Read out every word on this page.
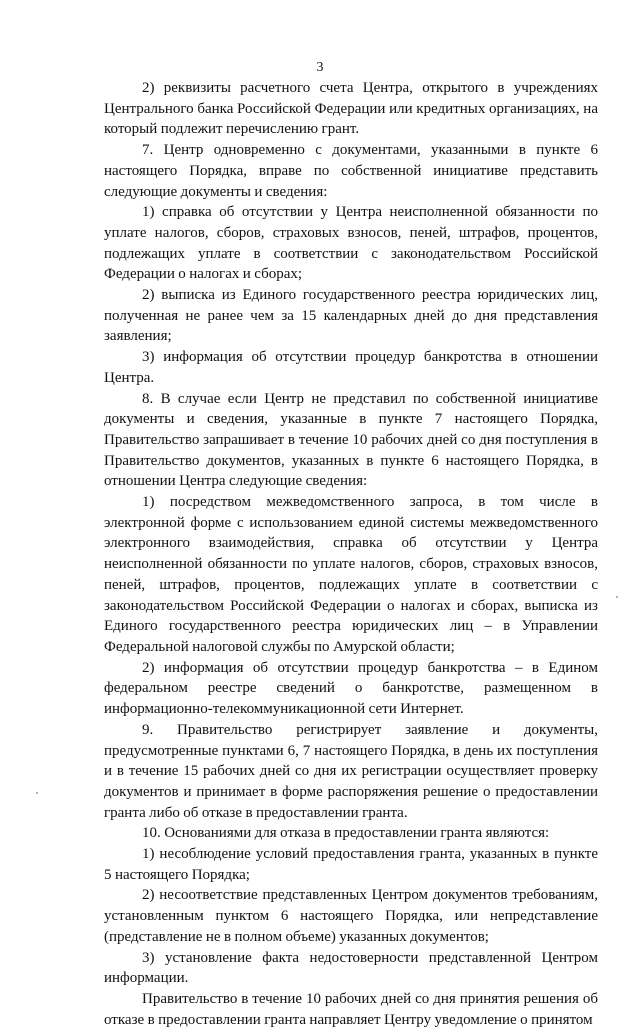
3

2) реквизиты расчетного счета Центра, открытого в учреждениях Центрального банка Российской Федерации или кредитных организациях, на который подлежит перечислению грант.

7. Центр одновременно с документами, указанными в пункте 6 настоящего Порядка, вправе по собственной инициативе представить следующие документы и сведения:

1) справка об отсутствии у Центра неисполненной обязанности по уплате налогов, сборов, страховых взносов, пеней, штрафов, процентов, подлежащих уплате в соответствии с законодательством Российской Федерации о налогах и сборах;

2) выписка из Единого государственного реестра юридических лиц, полученная не ранее чем за 15 календарных дней до дня представления заявления;

3) информация об отсутствии процедур банкротства в отношении Центра.

8. В случае если Центр не представил по собственной инициативе документы и сведения, указанные в пункте 7 настоящего Порядка, Правительство запрашивает в течение 10 рабочих дней со дня поступления в Правительство документов, указанных в пункте 6 настоящего Порядка, в отношении Центра следующие сведения:

1) посредством межведомственного запроса, в том числе в электронной форме с использованием единой системы межведомственного электронного взаимодействия, справка об отсутствии у Центра неисполненной обязанности по уплате налогов, сборов, страховых взносов, пеней, штрафов, процентов, подлежащих уплате в соответствии с законодательством Российской Федерации о налогах и сборах, выписка из Единого государственного реестра юридических лиц – в Управлении Федеральной налоговой службы по Амурской области;

2) информация об отсутствии процедур банкротства – в Едином федеральном реестре сведений о банкротстве, размещенном в информационно-телекоммуникационной сети Интернет.

9. Правительство регистрирует заявление и документы, предусмотренные пунктами 6, 7 настоящего Порядка, в день их поступления и в течение 15 рабочих дней со дня их регистрации осуществляет проверку документов и принимает в форме распоряжения решение о предоставлении гранта либо об отказе в предоставлении гранта.

10. Основаниями для отказа в предоставлении гранта являются:

1) несоблюдение условий предоставления гранта, указанных в пункте 5 настоящего Порядка;

2) несоответствие представленных Центром документов требованиям, установленным пунктом 6 настоящего Порядка, или непредставление (представление не в полном объеме) указанных документов;

3) установление факта недостоверности представленной Центром информации.

Правительство в течение 10 рабочих дней со дня принятия решения об отказе в предоставлении гранта направляет Центру уведомление о принятом
